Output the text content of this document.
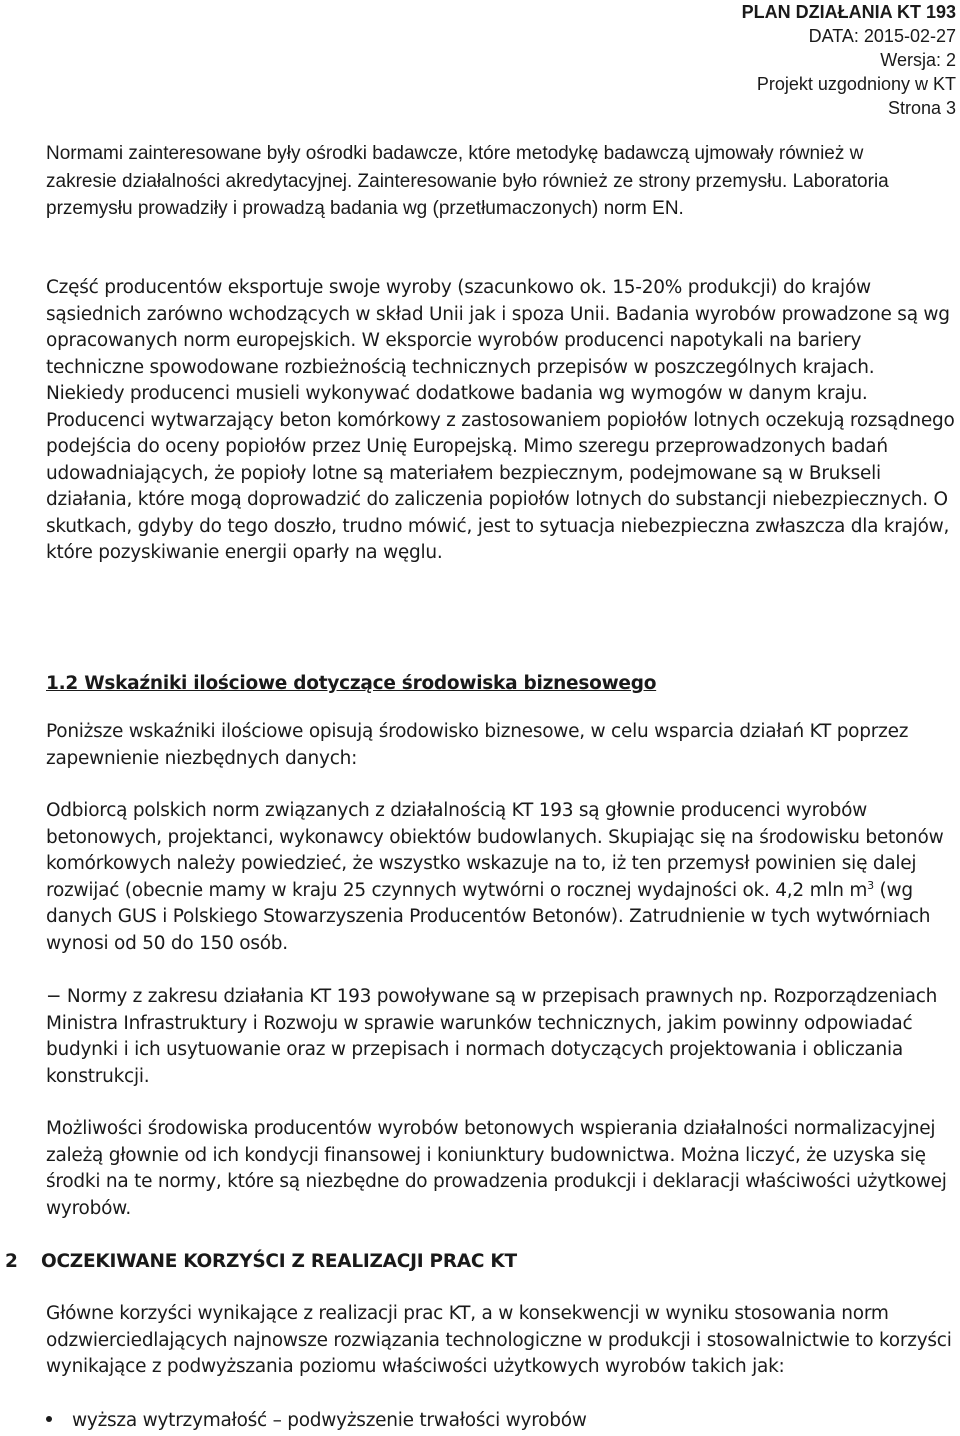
PLAN DZIAŁANIA KT 193

DATA: 2015-02-27

Wersja: 2

Projekt uzgodniony w KT

Strona 3

Normami zainteresowane były ośrodki badawcze, które metodykę badawczą ujmowały również w zakresie działalności akredytacyjnej. Zainteresowanie było również ze strony przemysłu. Laboratoria przemysłu prowadziły i prowadzą badania wg (przetłumaczonych) norm EN.

Część producentów eksportuje swoje wyroby (szacunkowo ok. 15-20% produkcji) do krajów sąsiednich zarówno wchodzących w skład Unii jak i spoza Unii. Badania wyrobów prowadzone są wg opracowanych norm europejskich. W eksporcie wyrobów producenci napotykali na bariery techniczne spowodowane rozbieżnością technicznych przepisów w poszczególnych krajach. Niekiedy producenci musieli wykonywać dodatkowe badania wg wymogów w danym kraju. Producenci wytwarzający beton komórkowy z zastosowaniem popiołów lotnych oczekują rozsądnego podejścia do oceny popiołów przez Unię Europejską. Mimo szeregu przeprowadzonych badań udowadniających, że popioły lotne są materiałem bezpiecznym, podejmowane są w Brukseli działania, które mogą doprowadzić do zaliczenia popiołów lotnych do substancji niebezpiecznych. O skutkach, gdyby do tego doszło, trudno mówić, jest to sytuacja niebezpieczna zwłaszcza dla krajów, które pozyskiwanie energii oparły na węglu.

1.2 Wskaźniki ilościowe dotyczące środowiska biznesowego

Poniższe wskaźniki ilościowe opisują środowisko biznesowe, w celu wsparcia działań KT poprzez zapewnienie niezbędnych danych:

Odbiorcą polskich norm związanych z działalnością KT 193 są głownie producenci wyrobów betonowych, projektanci, wykonawcy obiektów budowlanych. Skupiając się na środowisku betonów komórkowych należy powiedzieć, że wszystko wskazuje na to, iż ten przemysł powinien się dalej rozwijać (obecnie mamy w kraju 25 czynnych wytwórni o rocznej wydajności ok. 4,2 mln $m^3$ (wg danych GUS i Polskiego Stowarzyszenia Producentów Betonów). Zatrudnienie w tych wytwórniach wynosi od 50 do 150 osób.

− Normy z zakresu działania KT 193 powoływane są w przepisach prawnych np. Rozporządzeniach Ministra Infrastruktury i Rozwoju w sprawie warunków technicznych, jakim powinny odpowiadać budynki i ich usytuowanie oraz w przepisach i normach dotyczących projektowania i obliczania konstrukcji.

Możliwości środowiska producentów wyrobów betonowych wspierania działalności normalizacyjnej zależą głownie od ich kondycji finansowej i koniunktury budownictwa. Można liczyć, że uzyska się środki na te normy, które są niezbędne do prowadzenia produkcji i deklaracji właściwości użytkowej wyrobów.

2 OCZEKIWANE KORZYŚCI Z REALIZACJI PRAC KT

Główne korzyści wynikające z realizacji prac KT, a w konsekwencji w wyniku stosowania norm odzwierciedlających najnowsze rozwiązania technologiczne w produkcji i stosowalnictwie to korzyści wynikające z podwyższania poziomu właściwości użytkowych wyrobów takich jak:

wyższa wytrzymałość – podwyższenie trwałości wyrobów
